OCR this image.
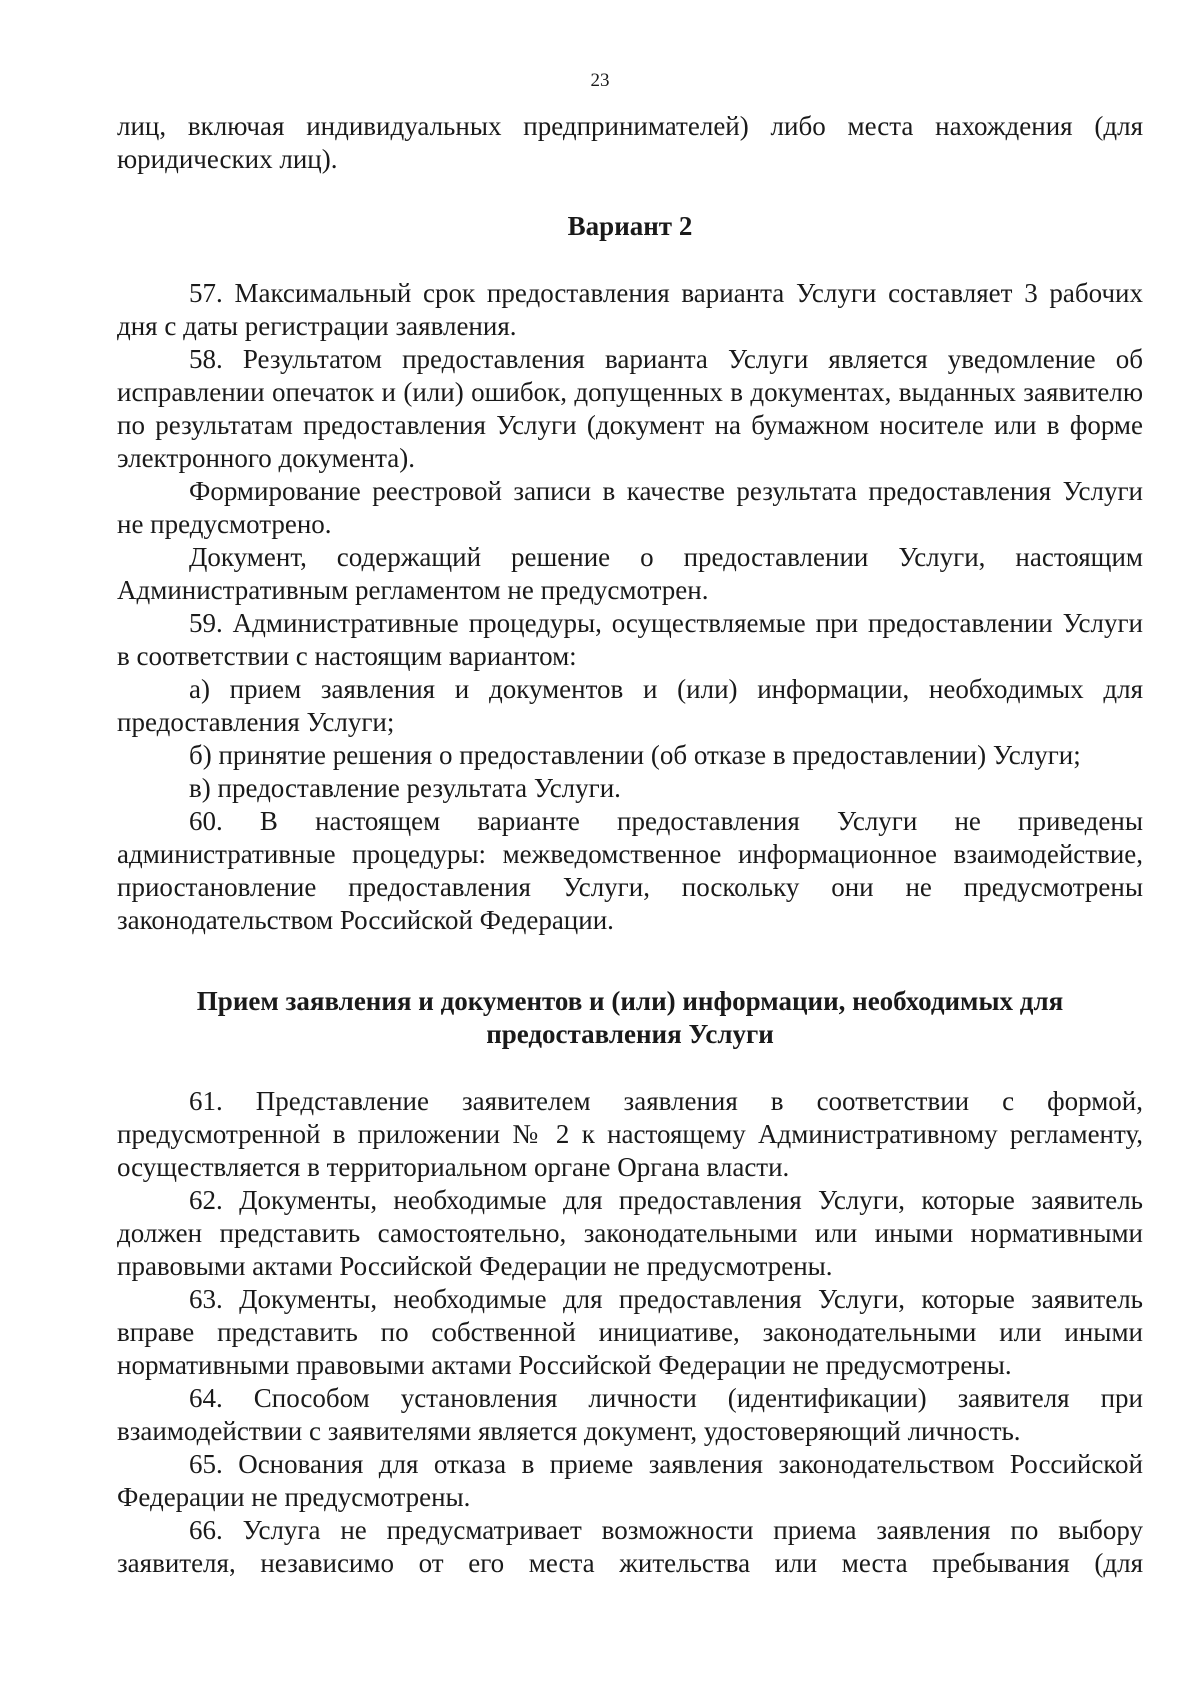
23

лиц, включая индивидуальных предпринимателей) либо места нахождения (для юридических лиц).

Вариант 2

57. Максимальный срок предоставления варианта Услуги составляет 3 рабочих дня с даты регистрации заявления.

58. Результатом предоставления варианта Услуги является уведомление об исправлении опечаток и (или) ошибок, допущенных в документах, выданных заявителю по результатам предоставления Услуги (документ на бумажном носителе или в форме электронного документа).

Формирование реестровой записи в качестве результата предоставления Услуги не предусмотрено.

Документ, содержащий решение о предоставлении Услуги, настоящим Административным регламентом не предусмотрен.

59. Административные процедуры, осуществляемые при предоставлении Услуги в соответствии с настоящим вариантом:

а) прием заявления и документов и (или) информации, необходимых для предоставления Услуги;

б) принятие решения о предоставлении (об отказе в предоставлении) Услуги;

в) предоставление результата Услуги.

60. В настоящем варианте предоставления Услуги не приведены административные процедуры: межведомственное информационное взаимодействие, приостановление предоставления Услуги, поскольку они не предусмотрены законодательством Российской Федерации.

Прием заявления и документов и (или) информации, необходимых для предоставления Услуги

61. Представление заявителем заявления в соответствии с формой, предусмотренной в приложении № 2 к настоящему Административному регламенту, осуществляется в территориальном органе Органа власти.

62. Документы, необходимые для предоставления Услуги, которые заявитель должен представить самостоятельно, законодательными или иными нормативными правовыми актами Российской Федерации не предусмотрены.

63. Документы, необходимые для предоставления Услуги, которые заявитель вправе представить по собственной инициативе, законодательными или иными нормативными правовыми актами Российской Федерации не предусмотрены.

64. Способом установления личности (идентификации) заявителя при взаимодействии с заявителями является документ, удостоверяющий личность.

65. Основания для отказа в приеме заявления законодательством Российской Федерации не предусмотрены.

66. Услуга не предусматривает возможности приема заявления по выбору заявителя, независимо от его места жительства или места пребывания (для
